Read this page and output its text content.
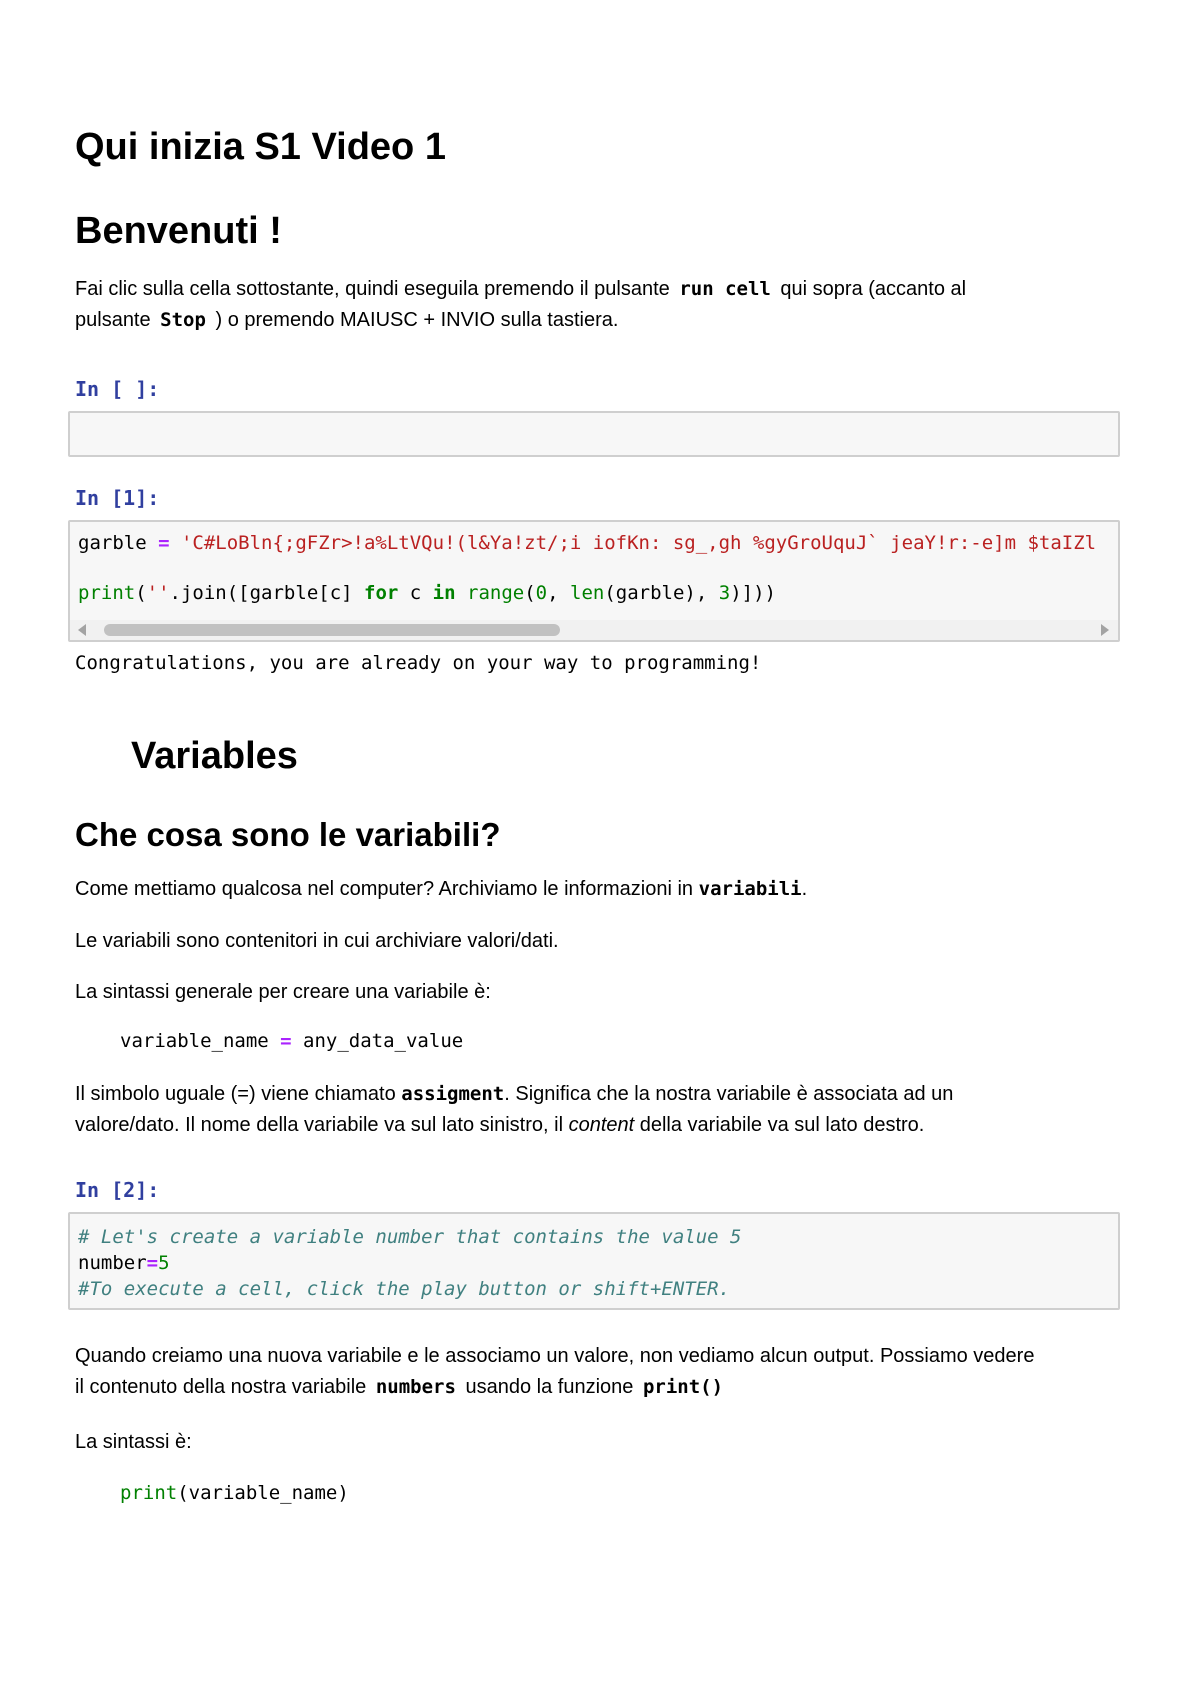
Qui inizia S1 Video 1
Benvenuti !

Fai clic sulla cella sottostante, quindi eseguila premendo il pulsante run cell qui sopra (accanto al
pulsante Stop ) o premendo MAIUSC + INVIO sulla tastiera.

In [ ]:
In [1]:
garble = 'C#LoBln{;gFZr>!a%LtVQu!(l&Ya!zt/;i iofKn: sg_,gh %gyGroUquJ` jeaY!r:-e]m $taIZl
print(''.join([garble[c] for c in range(0, len(garble), 3)]))
Congratulations, you are already on your way to programming!
Variables
Che cosa sono le variabili?

Come mettiamo qualcosa nel computer? Archiviamo le informazioni in variabili.

Le variabili sono contenitori in cui archiviare valori/dati.

La sintassi generale per creare una variabile è:

variable_name = any_data_value

Il simbolo uguale (=) viene chiamato assigment. Significa che la nostra variabile è associata ad un
valore/dato. Il nome della variabile va sul lato sinistro, il content della variabile va sul lato destro.

In [2]:
# Let's create a variable number that contains the value 5
number=5
#To execute a cell, click the play button or shift+ENTER.

Quando creiamo una nuova variabile e le associamo un valore, non vediamo alcun output. Possiamo vedere
il contenuto della nostra variabile numbers usando la funzione print()

La sintassi è:

print(variable_name)
